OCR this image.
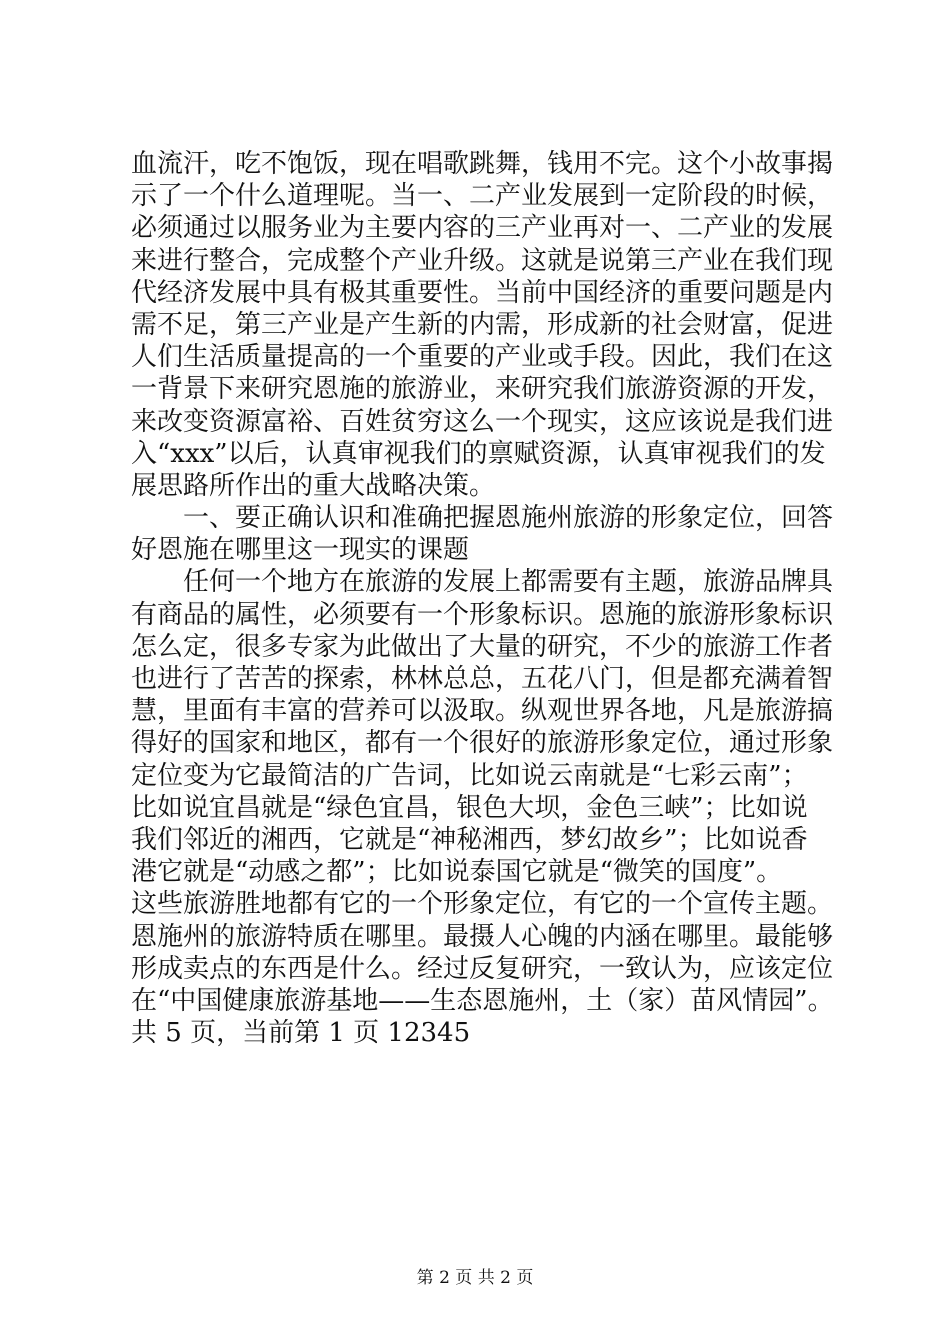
血流汗，吃不饱饭，现在唱歌跳舞，钱用不完。这个小故事揭
示了一个什么道理呢。当一、二产业发展到一定阶段的时候，
必须通过以服务业为主要内容的三产业再对一、二产业的发展
来进行整合，完成整个产业升级。这就是说第三产业在我们现
代经济发展中具有极其重要性。当前中国经济的重要问题是内
需不足，第三产业是产生新的内需，形成新的社会财富，促进
人们生活质量提高的一个重要的产业或手段。因此，我们在这
一背景下来研究恩施的旅游业，来研究我们旅游资源的开发，
来改变资源富裕、百姓贫穷这么一个现实，这应该说是我们进
入“xxx”以后，认真审视我们的禀赋资源，认真审视我们的发
展思路所作出的重大战略决策。
一、要正确认识和准确把握恩施州旅游的形象定位，回答
好恩施在哪里这一现实的课题
任何一个地方在旅游的发展上都需要有主题，旅游品牌具
有商品的属性，必须要有一个形象标识。恩施的旅游形象标识
怎么定，很多专家为此做出了大量的研究，不少的旅游工作者
也进行了苦苦的探索，林林总总，五花八门，但是都充满着智
慧，里面有丰富的营养可以汲取。纵观世界各地，凡是旅游搞
得好的国家和地区，都有一个很好的旅游形象定位，通过形象
定位变为它最简洁的广告词，比如说云南就是“七彩云南”；
比如说宜昌就是“绿色宜昌，银色大坝，金色三峡”；比如说
我们邻近的湘西，它就是“神秘湘西，梦幻故乡”；比如说香
港它就是“动感之都”；比如说泰国它就是“微笑的国度”。
这些旅游胜地都有它的一个形象定位，有它的一个宣传主题。
恩施州的旅游特质在哪里。最摄人心魄的内涵在哪里。最能够
形成卖点的东西是什么。经过反复研究，一致认为，应该定位
在“中国健康旅游基地——生态恩施州，土（家）苗风情园”。
共 5 页，当前第 1 页 12345
第 2 页 共 2 页
